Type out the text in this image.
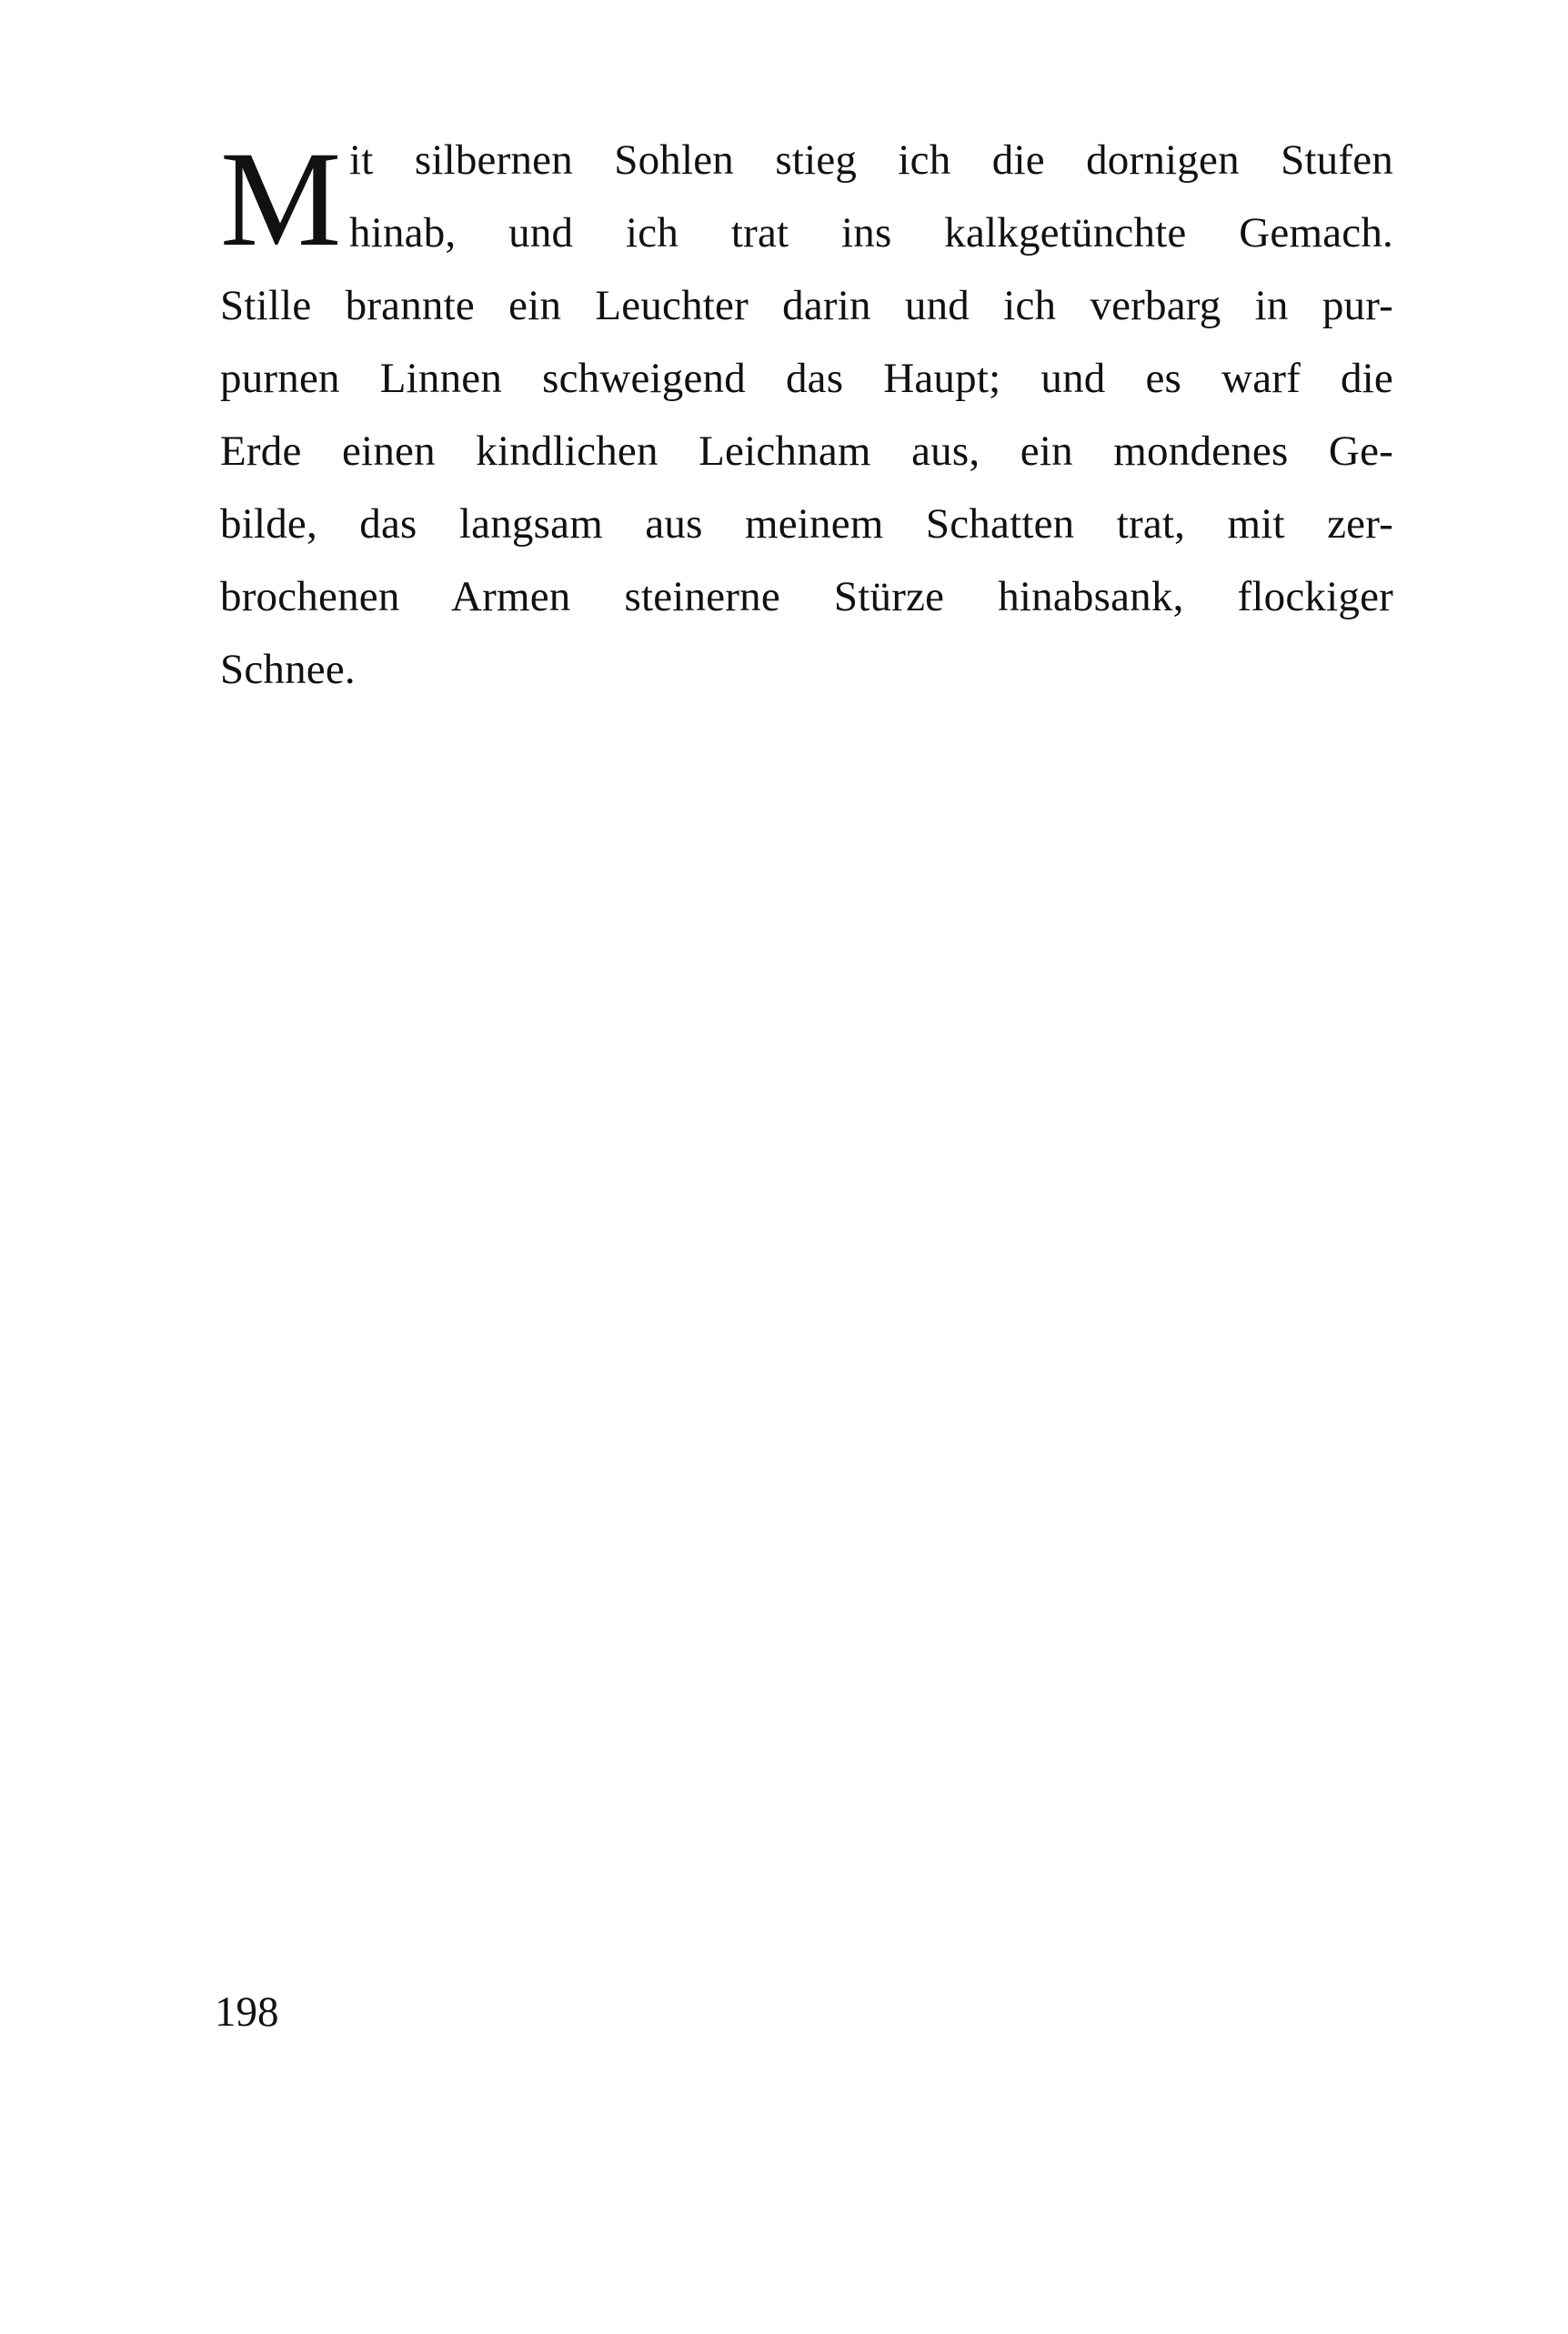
M it silbernen Sohlen stieg ich die dornigen Stufen
hinab, und ich trat ins kalkgetünchte Gemach.
Stille brannte ein Leuchter darin und ich verbarg in pur-
purnen Linnen schweigend das Haupt; und es warf die
Erde einen kindlichen Leichnam aus, ein mondenes Ge-
bilde, das langsam aus meinem Schatten trat, mit zer-
brochenen Armen steinerne Stürze hinabsank, flockiger
Schnee.
198
